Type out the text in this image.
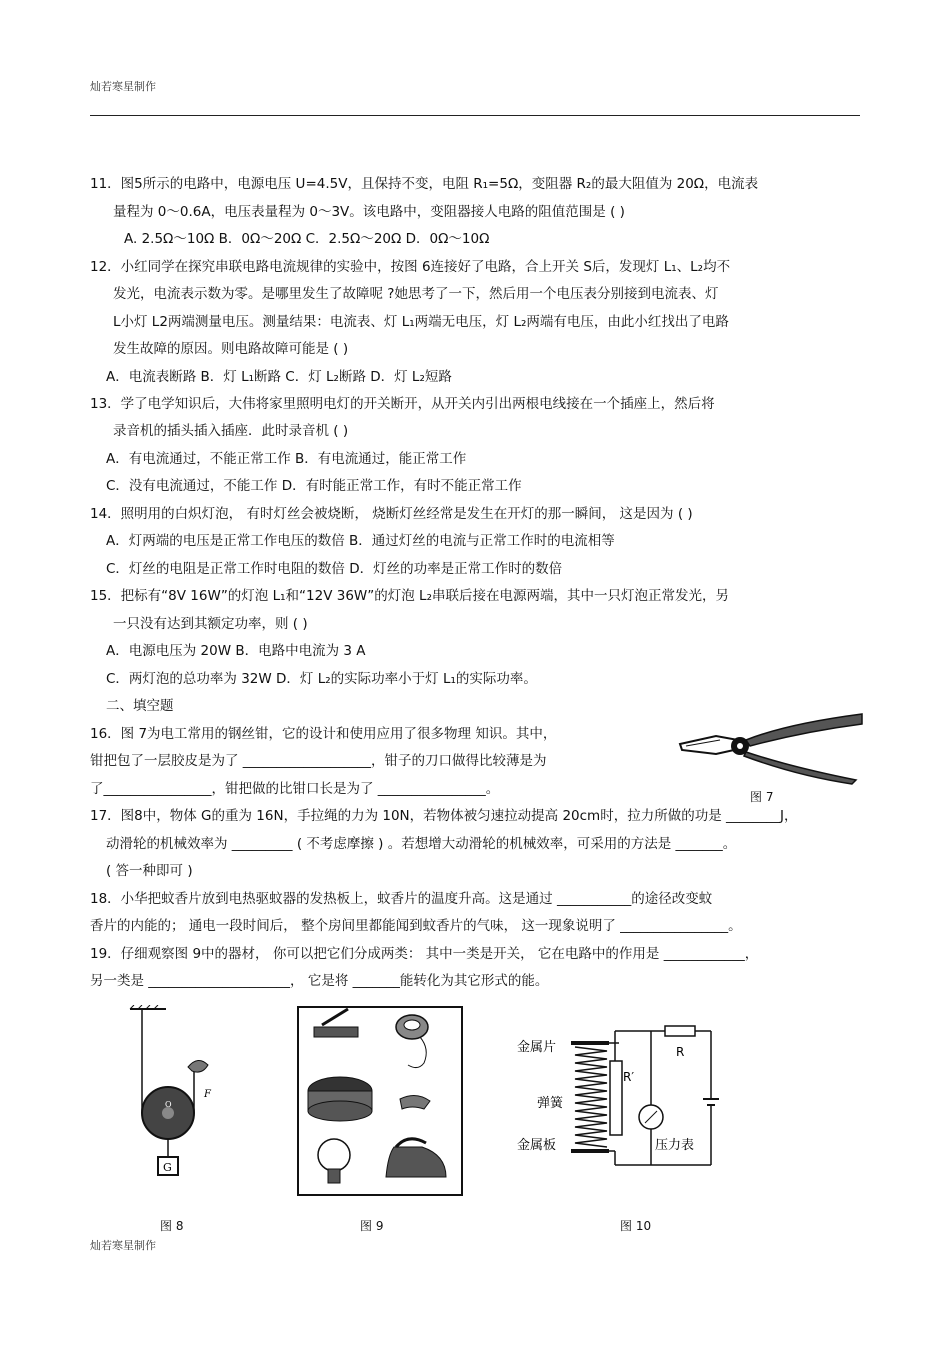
灿若寒星制作
11．图5所示的电路中，电源电压 U=4.5V，且保持不变，电阻 R₁=5Ω，变阻器 R₂的最大阻值为 20Ω，电流表
量程为 0～0.6A，电压表量程为 0～3V。该电路中，变阻器接人电路的阻值范围是 ( )
A. 2.5Ω～10Ω B．0Ω～20Ω C．2.5Ω～20Ω D．0Ω～10Ω
12．小红同学在探究串联电路电流规律的实验中，按图 6连接好了电路，合上开关 S后，发现灯 L₁、L₂均不
发光，电流表示数为零。是哪里发生了故障呢 ?她思考了一下，然后用一个电压表分别接到电流表、灯
L小灯 L2两端测量电压。测量结果：电流表、灯 L₁两端无电压，灯 L₂两端有电压，由此小红找出了电路
发生故障的原因。则电路故障可能是 ( )
A．电流表断路 B．灯 L₁断路 C．灯 L₂断路 D．灯 L₂短路
13．学了电学知识后，大伟将家里照明电灯的开关断开，从开关内引出两根电线接在一个插座上，然后将
录音机的插头插入插座．此时录音机 ( )
A．有电流通过，不能正常工作 B．有电流通过，能正常工作
C．没有电流通过，不能工作 D．有时能正常工作，有时不能正常工作
14．照明用的白炽灯泡， 有时灯丝会被烧断， 烧断灯丝经常是发生在开灯的那一瞬间， 这是因为 ( )
A．灯两端的电压是正常工作电压的数倍 B．通过灯丝的电流与正常工作时的电流相等
C．灯丝的电阻是正常工作时电阻的数倍 D．灯丝的功率是正常工作时的数倍
15．把标有“8V 16W”的灯泡 L₁和“12V 36W”的灯泡 L₂串联后接在电源两端，其中一只灯泡正常发光，另
一只没有达到其额定功率，则 ( )
A．电源电压为 20W B．电路中电流为 3 A
C．两灯泡的总功率为 32W D．灯 L₂的实际功率小于灯 L₁的实际功率。
二、填空题
16．图 7为电工常用的钢丝钳，它的设计和使用应用了很多物理 知识。其中，
钳把包了一层胶皮是为了 ___________________，钳子的刀口做得比较薄是为
了________________，钳把做的比钳口长是为了 ________________。
17．图8中，物体 G的重为 16N，手拉绳的力为 10N，若物体被匀速拉动提高 20cm时，拉力所做的功是 ________J，
动滑轮的机械效率为 _________ ( 不考虑摩擦 ) 。若想增大动滑轮的机械效率，可采用的方法是 _______。
( 答一种即可 )
18．小华把蚊香片放到电热驱蚊器的发热板上，蚊香片的温度升高。这是通过 ___________的途径改变蚊
香片的内能的； 通电一段时间后， 整个房间里都能闻到蚊香片的气味， 这一现象说明了 ________________。
19．仔细观察图 9中的器材， 你可以把它们分成两类： 其中一类是开关， 它在电路中的作用是 ____________，
另一类是 _____________________， 它是将 _______能转化为其它形式的能。
图 7
F
G
O
图 8	图 9
金属片
弹簧
金属板
R
R′
压力表
图 10
灿若寒星制作
